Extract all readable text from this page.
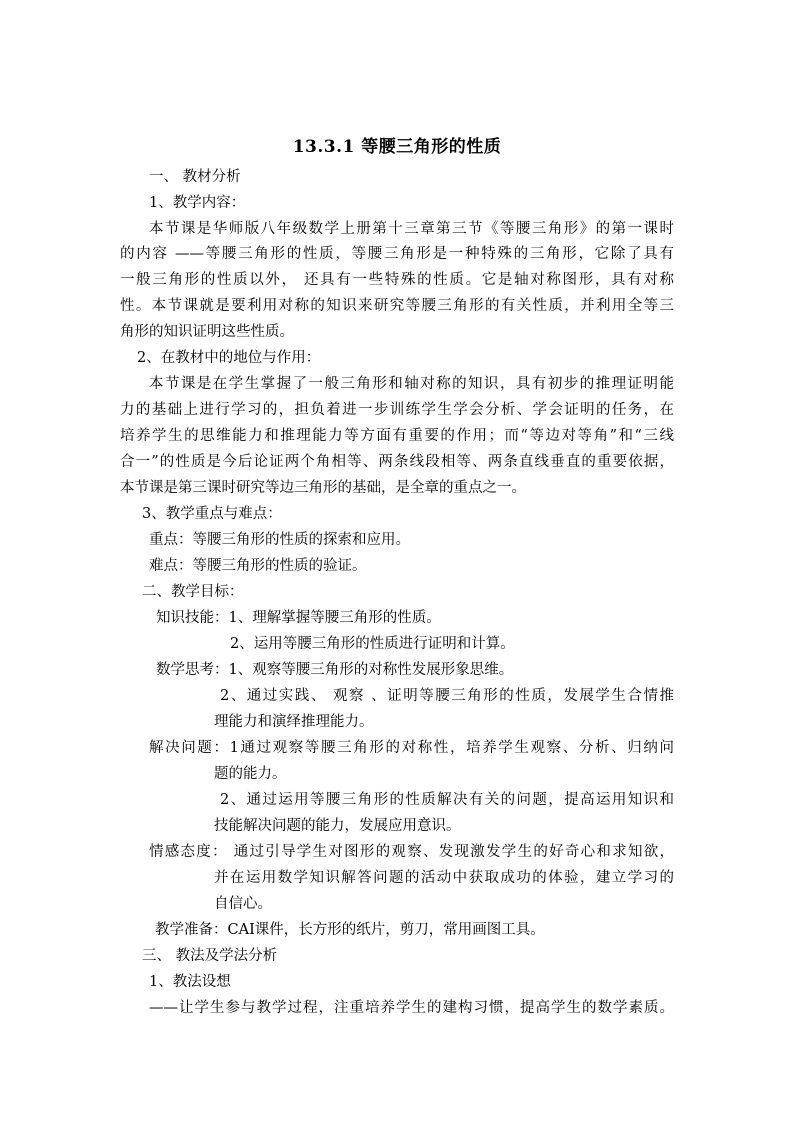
13.3.1 等腰三角形的性质
一、 教材分析
1、教学内容：
本节课是华师版八年级数学上册第十三章第三节《等腰三角形》的第一课时
的内容 ——等腰三角形的性质，等腰三角形是一种特殊的三角形，它除了具有
一般三角形的性质以外， 还具有一些特殊的性质。它是轴对称图形，具有对称
性。本节课就是要利用对称的知识来研究等腰三角形的有关性质，并利用全等三
角形的知识证明这些性质。
2、在教材中的地位与作用：
本节课是在学生掌握了一般三角形和轴对称的知识，具有初步的推理证明能
力的基础上进行学习的，担负着进一步训练学生学会分析、学会证明的任务，在
培养学生的思维能力和推理能力等方面有重要的作用；而“等边对等角”和“三线
合一”的性质是今后论证两个角相等、两条线段相等、两条直线垂直的重要依据，
本节课是第三课时研究等边三角形的基础，是全章的重点之一。
3、教学重点与难点：
重点：等腰三角形的性质的探索和应用。
难点：等腰三角形的性质的验证。
二、教学目标：
知识技能：1、理解掌握等腰三角形的性质。
2、运用等腰三角形的性质进行证明和计算。
数学思考：1、观察等腰三角形的对称性发展形象思维。
2、通过实践、 观察 、证明等腰三角形的性质，发展学生合情推
理能力和演绎推理能力。
解决问题：1通过观察等腰三角形的对称性，培养学生观察、分析、归纳问
题的能力。
2、通过运用等腰三角形的性质解决有关的问题，提高运用知识和
技能解决问题的能力，发展应用意识。
情感态度： 通过引导学生对图形的观察、发现激发学生的好奇心和求知欲，
并在运用数学知识解答问题的活动中获取成功的体验，建立学习的
自信心。
教学准备：CAI课件，长方形的纸片，剪刀，常用画图工具。
三、 教法及学法分析
1、教法设想
——让学生参与教学过程，注重培养学生的建构习惯，提高学生的数学素质。
